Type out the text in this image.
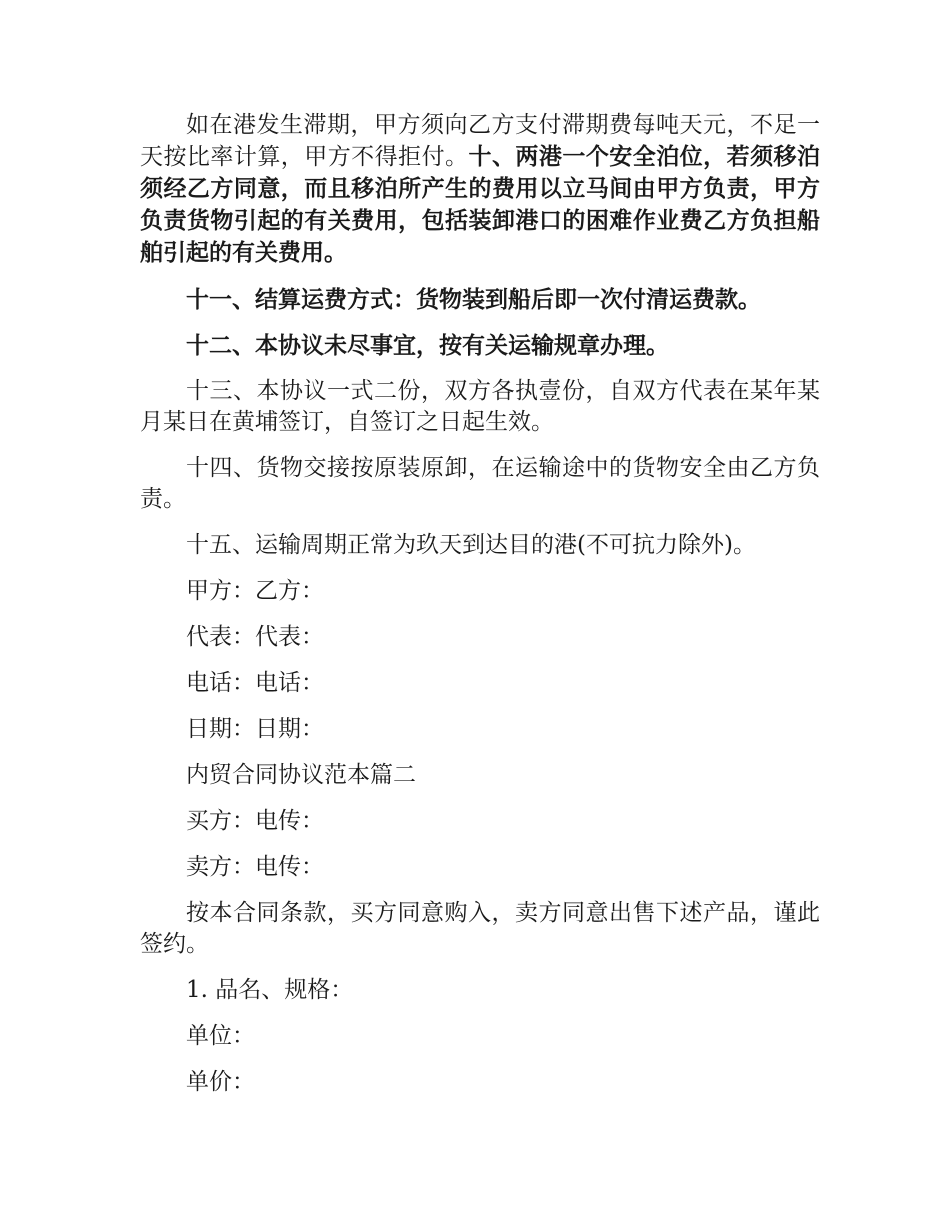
如在港发生滞期，甲方须向乙方支付滞期费每吨天元，不足一天按比率计算，甲方不得拒付。十、两港一个安全泊位，若须移泊须经乙方同意，而且移泊所产生的费用以立马间由甲方负责，甲方负责货物引起的有关费用，包括装卸港口的困难作业费乙方负担船舶引起的有关费用。

十一、结算运费方式：货物装到船后即一次付清运费款。

十二、本协议未尽事宜，按有关运输规章办理。

十三、本协议一式二份，双方各执壹份，自双方代表在某年某月某日在黄埔签订，自签订之日起生效。

十四、货物交接按原装原卸，在运输途中的货物安全由乙方负责。

十五、运输周期正常为玖天到达目的港(不可抗力除外)。

甲方：乙方：

代表：代表：

电话：电话：

日期：日期：

内贸合同协议范本篇二

买方：电传：

卖方：电传：

按本合同条款，买方同意购入，卖方同意出售下述产品，谨此签约。

1. 品名、规格：

单位：

单价：
